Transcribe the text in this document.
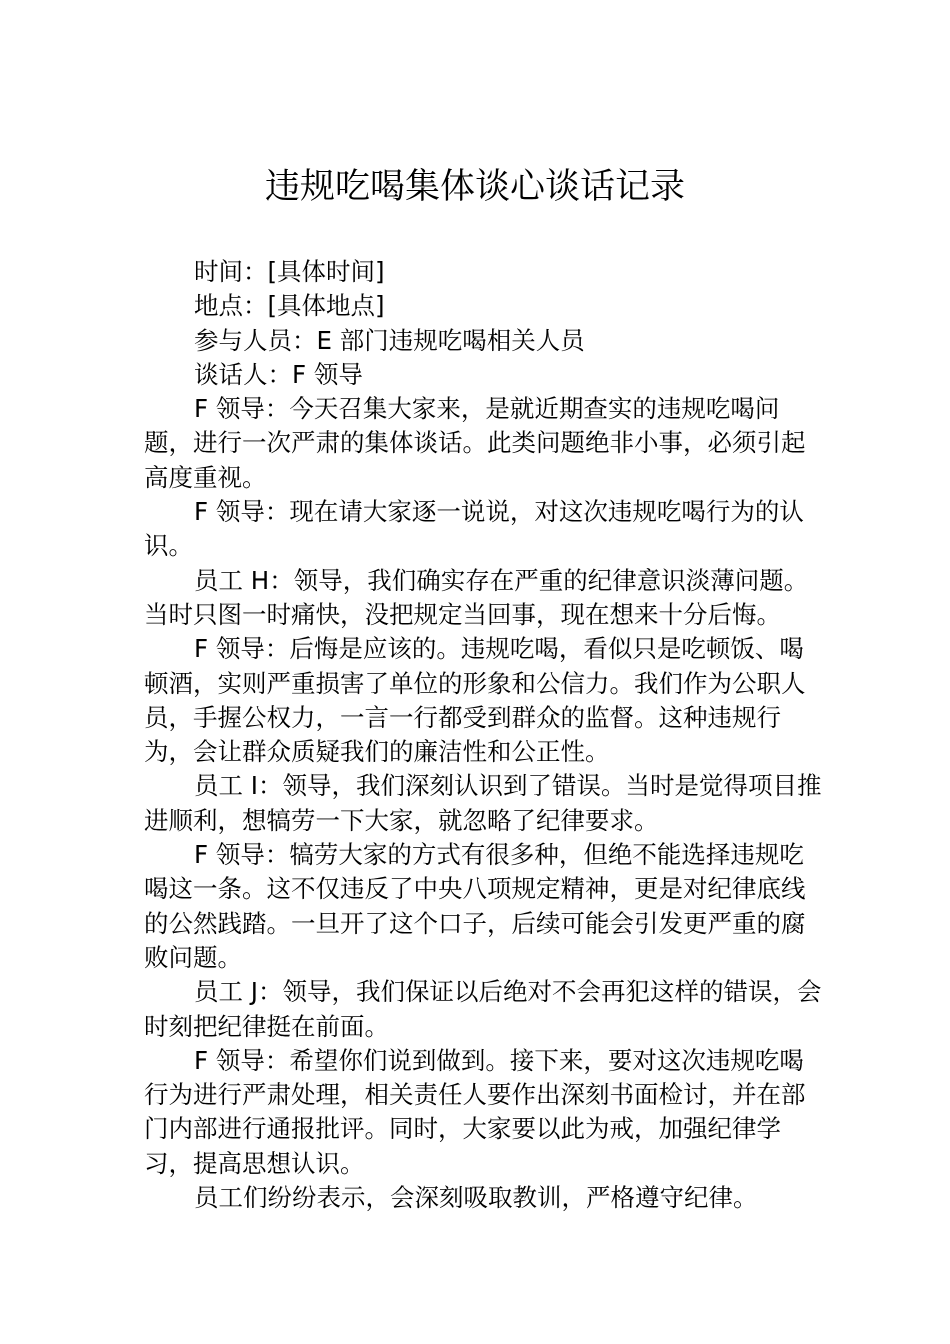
违规吃喝集体谈心谈话记录

时间：[具体时间]

地点：[具体地点]

参与人员：E 部门违规吃喝相关人员

谈话人：F 领导

F 领导：今天召集大家来，是就近期查实的违规吃喝问题，进行一次严肃的集体谈话。此类问题绝非小事，必须引起高度重视。

F 领导：现在请大家逐一说说，对这次违规吃喝行为的认识。

员工 H：领导，我们确实存在严重的纪律意识淡薄问题。当时只图一时痛快，没把规定当回事，现在想来十分后悔。

F 领导：后悔是应该的。违规吃喝，看似只是吃顿饭、喝顿酒，实则严重损害了单位的形象和公信力。我们作为公职人员，手握公权力，一言一行都受到群众的监督。这种违规行为，会让群众质疑我们的廉洁性和公正性。

员工 I：领导，我们深刻认识到了错误。当时是觉得项目推进顺利，想犒劳一下大家，就忽略了纪律要求。

F 领导：犒劳大家的方式有很多种，但绝不能选择违规吃喝这一条。这不仅违反了中央八项规定精神，更是对纪律底线的公然践踏。一旦开了这个口子，后续可能会引发更严重的腐败问题。

员工 J：领导，我们保证以后绝对不会再犯这样的错误，会时刻把纪律挺在前面。

F 领导：希望你们说到做到。接下来，要对这次违规吃喝行为进行严肃处理，相关责任人要作出深刻书面检讨，并在部门内部进行通报批评。同时，大家要以此为戒，加强纪律学习，提高思想认识。

员工们纷纷表示，会深刻吸取教训，严格遵守纪律。
